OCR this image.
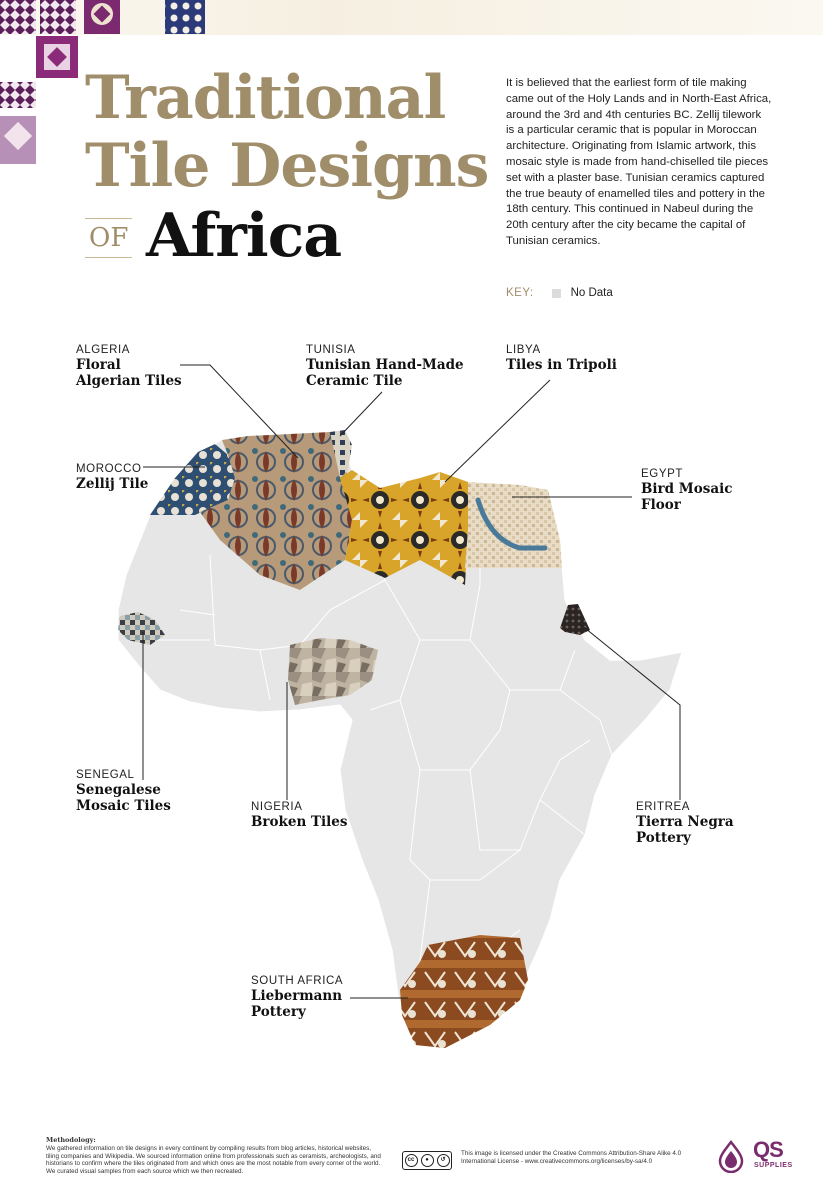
Traditional
Tile Designs
OF Africa

It is believed that the earliest form of tile making came out of the Holy Lands and in North-East Africa, around the 3rd and 4th centuries BC. Zellij tilework is a particular ceramic that is popular in Moroccan architecture. Originating from Islamic artwork, this mosaic style is made from hand-chiselled tile pieces set with a plaster base. Tunisian ceramics captured the true beauty of enamelled tiles and pottery in the 18th century. This continued in Nabeul during the 20th century after the city became the capital of Tunisian ceramics.

KEY:	No Data
ALGERIA
Floral
Algerian Tiles
TUNISIA
Tunisian Hand-Made
Ceramic Tile
LIBYA
Tiles in Tripoli
MOROCCO
Zellij Tile
EGYPT
Bird Mosaic
Floor
SENEGAL
Senegalese
Mosaic Tiles	NIGERIA
Broken Tiles
ERITREA
Tierra Negra
Pottery
SOUTH AFRICA
Liebermann
Pottery
Methodology:
We gathered information on tile designs in every continent by compiling results from blog articles, historical websites, tiling companies and Wikipedia. We sourced information online from professionals such as ceramists, archeologists, and historians to confirm where the tiles originated from and which ones are the most notable from every corner of the world. We curated visual samples from each source which we then recreated.
cc	●	↺
This image is licensed under the Creative Commons Attribution-Share Alike 4.0 International License - www.creativecommons.org/licenses/by-sa/4.0	QS
SUPPLIES
